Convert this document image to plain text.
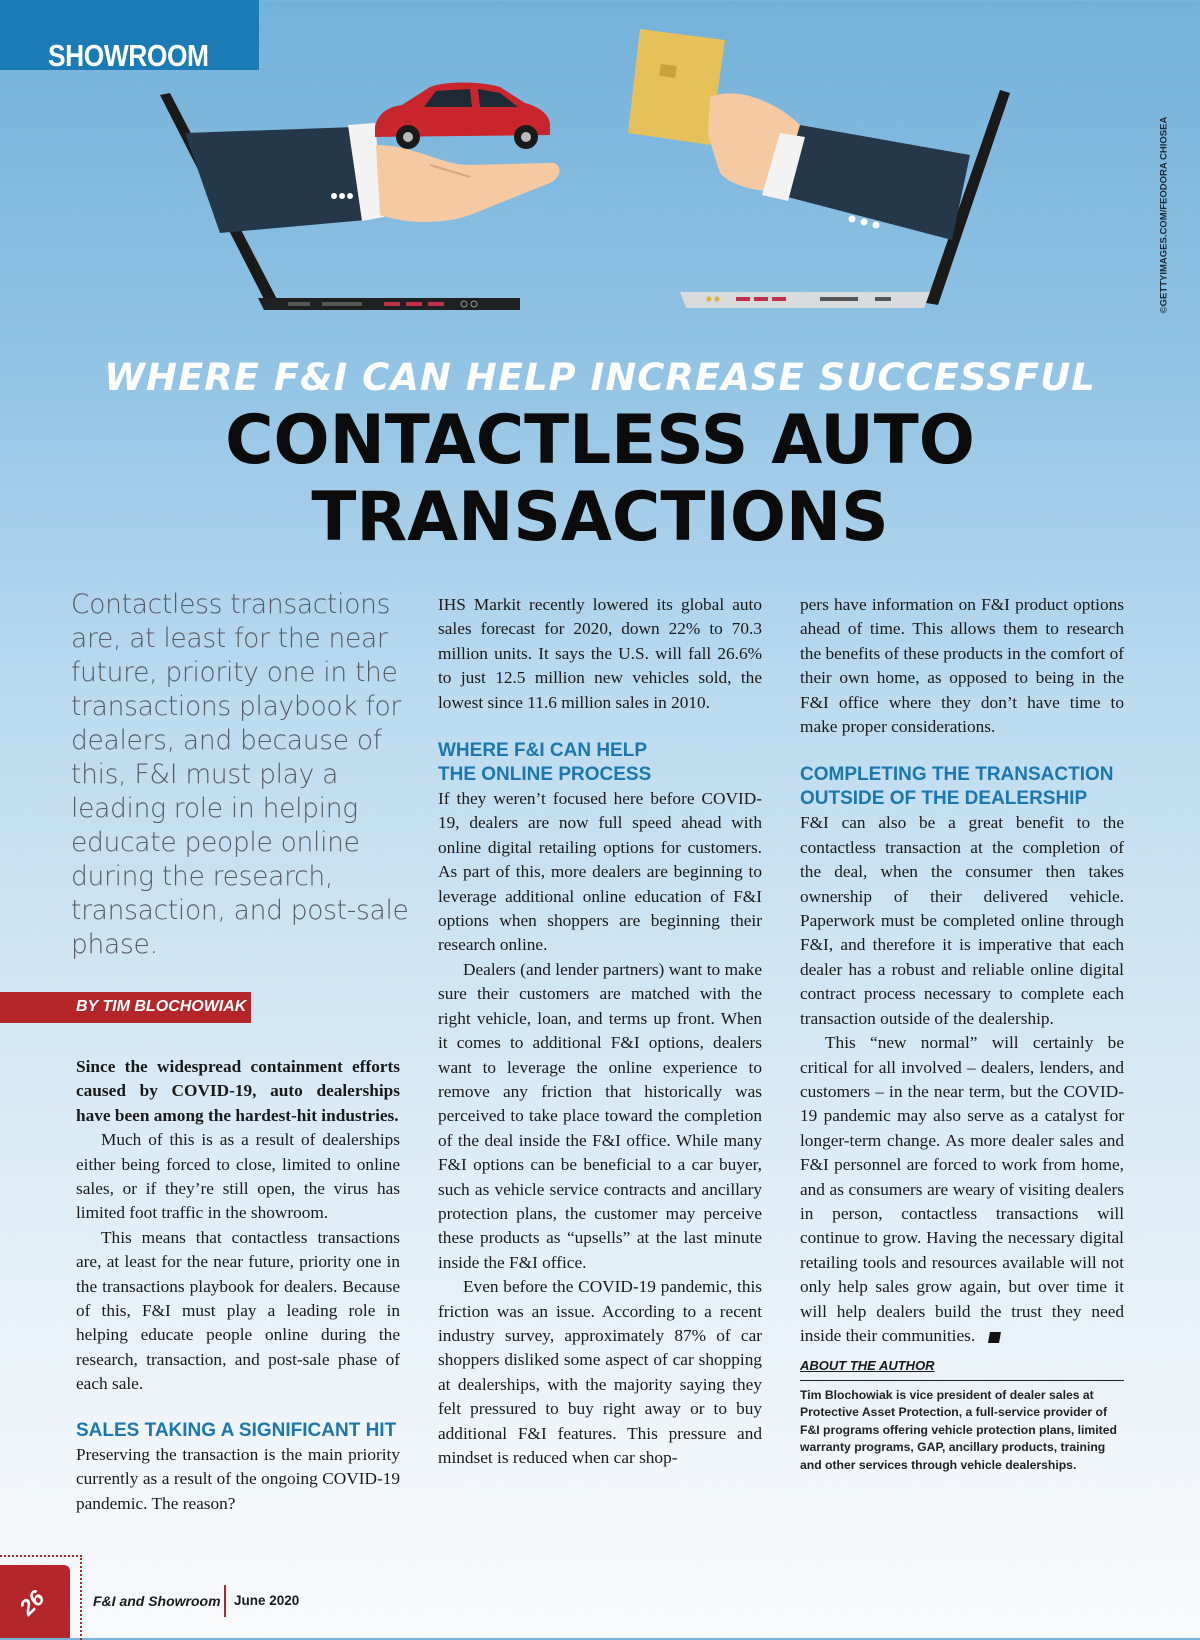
SHOWROOM
©GETTYIMAGES.COM/FEODORA CHIOSEA
WHERE F&I CAN HELP INCREASE SUCCESSFUL
CONTACTLESS AUTO
TRANSACTIONS
Contactless transactions are, at least for the near future, priority one in the transactions playbook for dealers, and because of this, F&I must play a leading role in helping educate people online during the research, transaction, and post-sale phase.
BY TIM BLOCHOWIAK

Since the widespread containment efforts caused by COVID-19, auto dealerships have been among the hardest-hit industries.

Much of this is as a result of dealerships either being forced to close, limited to online sales, or if they’re still open, the virus has limited foot traffic in the showroom.

This means that contactless transactions are, at least for the near future, priority one in the transactions playbook for dealers. Because of this, F&I must play a leading role in helping educate people online during the research, transaction, and post-sale phase of each sale.

SALES TAKING A SIGNIFICANT HIT

Preserving the transaction is the main priority currently as a result of the ongoing COVID-19 pandemic. The reason?

IHS Markit recently lowered its global auto sales forecast for 2020, down 22% to 70.3 million units. It says the U.S. will fall 26.6% to just 12.5 million new vehicles sold, the lowest since 11.6 million sales in 2010.

WHERE F&I CAN HELP
THE ONLINE PROCESS

If they weren’t focused here before COVID-19, dealers are now full speed ahead with online digital retailing options for customers. As part of this, more dealers are beginning to leverage additional online education of F&I options when shoppers are beginning their research online.

Dealers (and lender partners) want to make sure their customers are matched with the right vehicle, loan, and terms up front. When it comes to additional F&I options, dealers want to leverage the online experience to remove any friction that historically was perceived to take place toward the completion of the deal inside the F&I office. While many F&I options can be beneficial to a car buyer, such as vehicle service contracts and ancillary protection plans, the customer may perceive these products as “upsells” at the last minute inside the F&I office.

Even before the COVID-19 pandemic, this friction was an issue. According to a recent industry survey, approximately 87% of car shoppers disliked some aspect of car shopping at dealerships, with the majority saying they felt pressured to buy right away or to buy additional F&I features. This pressure and mindset is reduced when car shop-

pers have information on F&I product options ahead of time. This allows them to research the benefits of these products in the comfort of their own home, as opposed to being in the F&I office where they don’t have time to make proper considerations.

COMPLETING THE TRANSACTION
OUTSIDE OF THE DEALERSHIP

F&I can also be a great benefit to the contactless transaction at the completion of the deal, when the consumer then takes ownership of their delivered vehicle. Paperwork must be completed online through F&I, and therefore it is imperative that each dealer has a robust and reliable online digital contract process necessary to complete each transaction outside of the dealership.

This “new normal” will certainly be critical for all involved – dealers, lenders, and customers – in the near term, but the COVID-19 pandemic may also serve as a catalyst for longer-term change. As more dealer sales and F&I personnel are forced to work from home, and as consumers are weary of visiting dealers in person, contactless transactions will continue to grow. Having the necessary digital retailing tools and resources available will not only help sales grow again, but over time it will help dealers build the trust they need inside their communities.

ABOUT THE AUTHOR
Tim Blochowiak is vice president of dealer sales at Protective Asset Protection, a full-service provider of F&I programs offering vehicle protection plans, limited warranty programs, GAP, ancillary products, training and other services through vehicle dealerships.
26	F&I and Showroom June 2020
